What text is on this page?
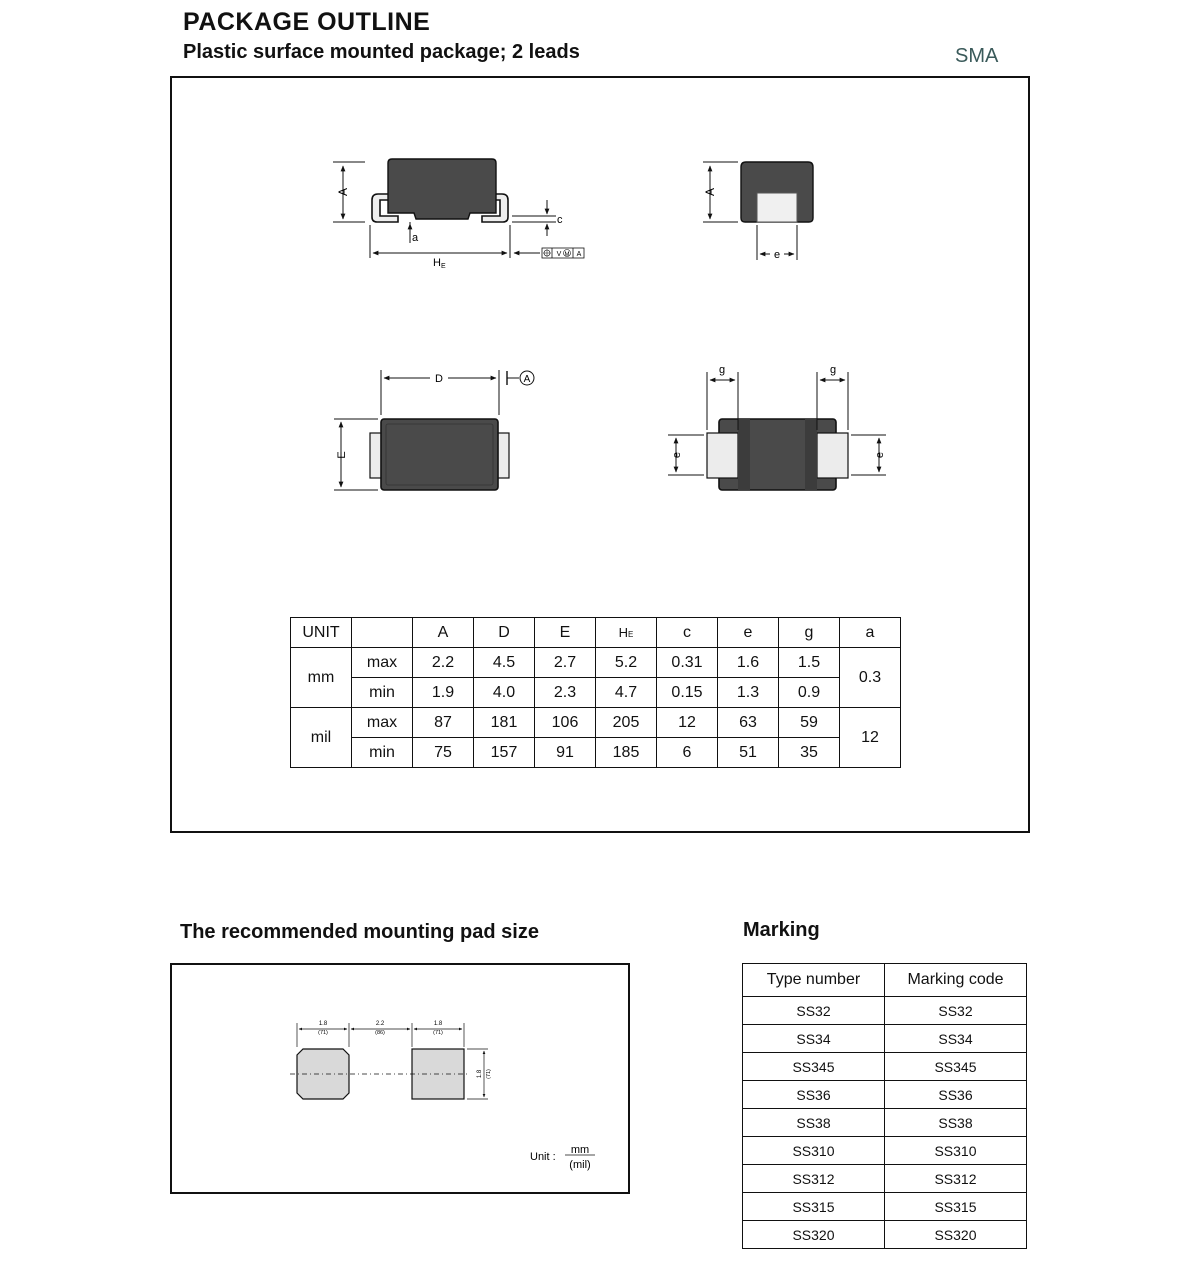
PACKAGE OUTLINE
Plastic surface mounted package; 2 leads	SMA
A
a
c
HE
V M A
A
e
D	A
E
g	g
e	e
UNIT		A	D	E	HE	c	e	g	a
mm	max	2.2	4.5	2.7	5.2	0.31	1.6	1.5	0.3
	min	1.9	4.0	2.3	4.7	0.15	1.3	0.9	
mil	max	87	181	106	205	12	63	59	12
	min	75	157	91	185	6	51	35	
The recommended mounting pad size
1.8
(71)
2.2
(86)
1.8
(71)
1.8 (71)
Unit :
mm
(mil)
Marking
Type number	Marking code
SS32	SS32
SS34	SS34
SS345	SS345
SS36	SS36
SS38	SS38
SS310	SS310
SS312	SS312
SS315	SS315
SS320	SS320
